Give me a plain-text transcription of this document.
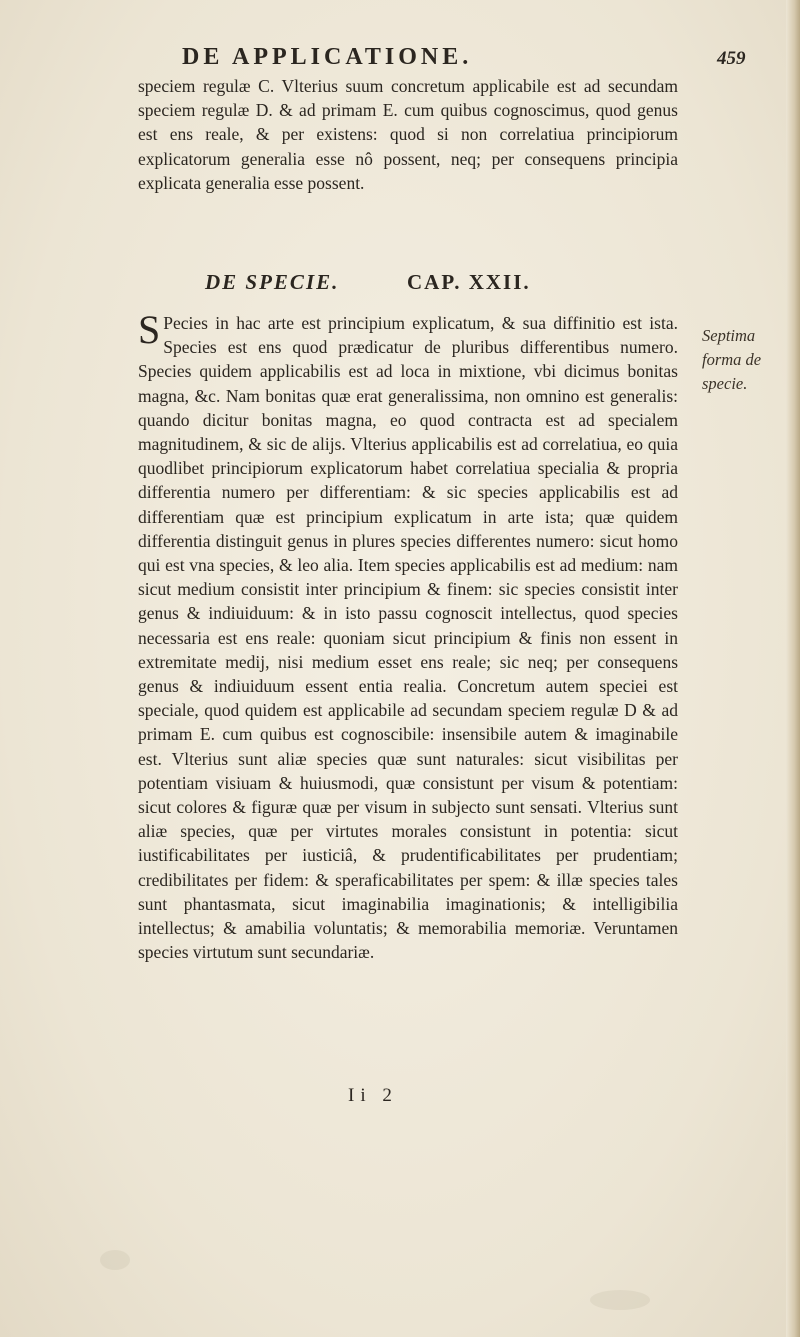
DE APPLICATIONE.	459

speciem regulæ C. Vlterius suum concretum applicabile est ad secundam speciem regulæ D. & ad primam E. cum quibus cognoscimus, quod genus est ens reale, & per existens: quod si non correlatiua principiorum explicatorum generalia esse nô possent, neq; per consequens principia explicata generalia esse possent.

DE SPECIE.	CAP. XXII.

S Pecies in hac arte est principium explicatum, & sua diffinitio est ista. Species est ens quod prædicatur de pluribus differentibus numero. Species quidem applicabilis est ad loca in mixtione, vbi dicimus bonitas magna, &c. Nam bonitas quæ erat generalissima, non omnino est generalis: quando dicitur bonitas magna, eo quod contracta est ad specialem magnitudinem, & sic de alijs. Vlterius applicabilis est ad correlatiua, eo quia quodlibet principiorum explicatorum habet correlatiua specialia & propria differentia numero per differentiam: & sic species applicabilis est ad differentiam quæ est principium explicatum in arte ista; quæ quidem differentia distinguit genus in plures species differentes numero: sicut homo qui est vna species, & leo alia. Item species applicabilis est ad medium: nam sicut medium consistit inter principium & finem: sic species consistit inter genus & indiuiduum: & in isto passu cognoscit intellectus, quod species necessaria est ens reale: quoniam sicut principium & finis non essent in extremitate medij, nisi medium esset ens reale; sic neq; per consequens genus & indiuiduum essent entia realia. Concretum autem speciei est speciale, quod quidem est applicabile ad secundam speciem regulæ D & ad primam E. cum quibus est cognoscibile: insensibile autem & imaginabile est. Vlterius sunt aliæ species quæ sunt naturales: sicut visibilitas per potentiam visiuam & huiusmodi, quæ consistunt per visum & potentiam: sicut colores & figuræ quæ per visum in subjecto sunt sensati. Vlterius sunt aliæ species, quæ per virtutes morales consistunt in potentia: sicut iustificabilitates per iusticiâ, & prudentificabilitates per prudentiam; credibilitates per fidem: & speraficabilitates per spem: & illæ species tales sunt phantasmata, sicut imaginabilia imaginationis; & intelligibilia intellectus; & amabilia voluntatis; & memorabilia memoriæ. Veruntamen species virtutum sunt secundariæ.

Septima
forma de
specie.
Ii 2
